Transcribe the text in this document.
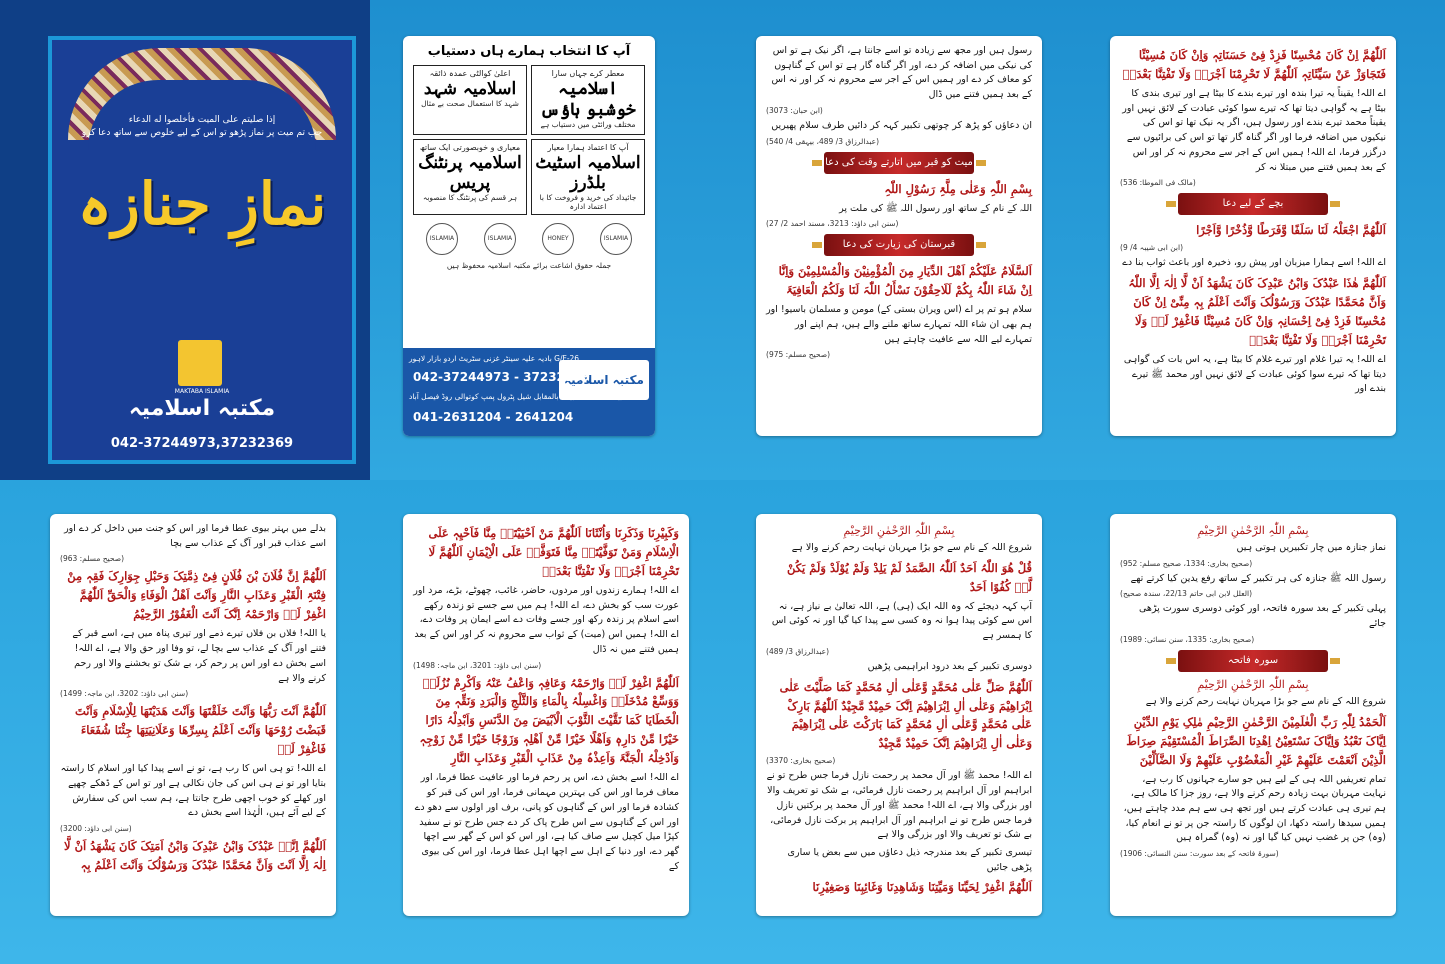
إذا صليتم على الميت فأخلصوا له الدعاء
جب تم میت پر نماز پڑھو تو اس کے لیے خلوص سے ساتھ دعا کرو
نمازِ جنازہ
MAKTABA ISLAMIA
مکتبہ اسلامیہ
042-37244973,37232369
آپ کا انتخاب ہمارے ہاں دستیاب
معطر کرے جہاں سارا
اسلامیہ خوشبو ہاؤس
مختلف ورائٹی میں دستیاب ہے
اعلیٰ کوالٹی عمدہ ذائقہ
اسلامیہ شہد
شہد کا استعمال صحت بے مثال
آپ کا اعتماد ہمارا معیار
اسلامیہ اسٹیٹ بلڈرز
جائیداد کی خرید و فروخت کا با اعتماد ادارہ
معیاری و خوبصورتی ایک ساتھ
اسلامیہ پرنٹنگ پریس
ہر قسم کی پرنٹنگ کا منصوبہ
ISLAMIA
HONEY
ISLAMIA
ISLAMIA
جملہ حقوق اشاعت برائے مکتبہ اسلامیہ محفوظ ہیں
مکتبہ اسلامیہ
G/F-26 بادیہ علیہ سینٹر غزنی سٹریٹ اردو بازار لاہور
042-37244973 - 37232369
بیسمنٹ سمٹ بینک بالمقابل شیل پٹرول پمپ کوتوالی روڈ فیصل آباد
041-2631204 - 2641204

رسول ہیں اور مجھ سے زیادہ تو اسے جانتا ہے، اگر نیک ہے تو اس کی نیکی میں اضافہ کر دے، اور اگر گناہ گار ہے تو اس کے گناہوں کو معاف کر دے اور ہمیں اس کے اجر سے محروم نہ کر اور نہ اس کے بعد ہمیں فتنے میں ڈال

(ابن حبان: 3073)

ان دعاؤں کو پڑھ کر چوتھی تکبیر کہہ کر دائیں طرف سلام پھیریں

(عبدالرزاق 3/ 489، بیہقی 4/ 540)

میت کو قبر میں اتارتے وقت کی دعا

بِسْمِ اللّٰہِ وَعَلٰی مِلَّۃِ رَسُوْلِ اللّٰہِ

اللہ کے نام کے ساتھ اور رسول اللہ ﷺ کی ملت پر

(سنن ابی داؤد: 3213، مسند احمد 2/ 27)

قبرستان کی زیارت کی دعا

اَلسَّلَامُ عَلَیْکُمْ اَھْلَ الدِّیَارِ مِنَ الْمُؤْمِنِیْنَ وَالْمُسْلِمِیْنَ وَاِنَّا اِنْ شَاءَ اللّٰہُ بِکُمْ لَلَاحِقُوْنَ نَسْأَلُ اللّٰہَ لَنَا وَلَکُمُ الْعَافِیَۃَ

سلام ہو تم پر اے (اس ویران بستی کے) مومن و مسلمان باسیو! اور ہم بھی ان شاء اللہ تمہارے ساتھ ملنے والے ہیں، ہم اپنے اور تمہارے لیے اللہ سے عافیت چاہتے ہیں

(صحیح مسلم: 975)

اَللّٰھُمَّ اِنْ کَانَ مُحْسِنًا فَزِدْ فِیْ حَسَنَاتِہٖ وَاِنْ کَانَ مُسِیْئًا فَتَجَاوَزْ عَنْ سَیِّئَاتِہٖ اَللّٰھُمَّ لَا تَحْرِمْنَا اَجْرَہٗ وَلَا تَفْتِنَّا بَعْدَہٗ

اے اللہ! یقیناً یہ تیرا بندہ اور تیرے بندے کا بیٹا ہے اور تیری بندی کا بیٹا ہے یہ گواہی دیتا تھا کہ تیرے سوا کوئی عبادت کے لائق نہیں اور یقیناً محمد تیرے بندے اور رسول ہیں، اگر یہ نیک تھا تو اس کی نیکیوں میں اضافہ فرما اور اگر گناہ گار تھا تو اس کی برائیوں سے درگزر فرما، اے اللہ! ہمیں اس کے اجر سے محروم نہ کر اور اس کے بعد ہمیں فتنے میں مبتلا نہ کر

(مالک فی الموطا: 536)

بچے کے لیے دعا

اَللّٰھُمَّ اجْعَلْہُ لَنَا سَلَفًا وَّفَرَطًا وَّذُخْرًا وَّاَجْرًا

(ابن ابی شیبہ 4/ 9)

اے اللہ! اسے ہمارا میزبان اور پیش رو، ذخیرہ اور باعث ثواب بنا دے

اَللّٰھُمَّ ھٰذَا عَبْدُکَ وَابْنُ عَبْدِکَ کَانَ یَشْھَدُ اَنْ لَّا اِلٰہَ اِلَّا اللّٰہُ وَاَنَّ مُحَمَّدًا عَبْدُکَ وَرَسُوْلُکَ وَاَنْتَ اَعْلَمُ بِہٖ مِنِّیْ اِنْ کَانَ مُحْسِنًا فَزِدْ فِیْ اِحْسَانِہٖ وَاِنْ کَانَ مُسِیْئًا فَاغْفِرْ لَہٗ وَلَا تَحْرِمْنَا اَجْرَہٗ وَلَا تَفْتِنَّا بَعْدَہٗ

اے اللہ! یہ تیرا غلام اور تیرے غلام کا بیٹا ہے، یہ اس بات کی گواہی دیتا تھا کہ تیرے سوا کوئی عبادت کے لائق نہیں اور محمد ﷺ تیرے بندے اور

بدلے میں بہتر بیوی عطا فرما اور اس کو جنت میں داخل کر دے اور اسے عذاب قبر اور آگ کے عذاب سے بچا

(صحیح مسلم: 963)

اَللّٰھُمَّ اِنَّ فُلَانَ بْنَ فُلَانٍ فِیْ ذِمَّتِکَ وَحَبْلِ جِوَارِکَ فَقِہٖ مِنْ فِتْنَۃِ الْقَبْرِ وَعَذَابِ النَّارِ وَاَنْتَ اَھْلُ الْوَفَاءِ وَالْحَقِّ اَللّٰھُمَّ اغْفِرْ لَہٗ وَارْحَمْہُ اِنَّکَ اَنْتَ الْغَفُوْرُ الرَّحِیْمُ

یا اللہ! فلاں بن فلاں تیرے ذمے اور تیری پناہ میں ہے، اسے قبر کے فتنے اور آگ کے عذاب سے بچا لے، تو وفا اور حق والا ہے، اے اللہ! اسے بخش دے اور اس پر رحم کر، بے شک تو بخشنے والا اور رحم کرنے والا ہے

(سنن ابی داؤد: 3202، ابن ماجہ: 1499)

اَللّٰھُمَّ اَنْتَ رَبُّھَا وَاَنْتَ خَلَقْتَھَا وَاَنْتَ ھَدَیْتَھَا لِلْاِسْلَامِ وَاَنْتَ قَبَضْتَ رُوْحَھَا وَاَنْتَ اَعْلَمُ بِسِرِّھَا وَعَلَانِیَتِھَا جِئْنَا شُفَعَاءَ فَاغْفِرْ لَہٗ

اے اللہ! تو ہی اس کا رب ہے، تو نے اسے پیدا کیا اور اسلام کا راستہ بتایا اور تو نے ہی اس کی جان نکالی ہے اور تو اس کے ڈھکے چھپے اور کھلے کو خوب اچھی طرح جانتا ہے، ہم سب اس کی سفارش کے لیے آئے ہیں، الٰہٰذا اسے بخش دے

(سنن ابی داؤد: 3200)

اَللّٰھُمَّ اِنَّہٗ عَبْدُکَ وَابْنُ عَبْدِکَ وَابْنُ اَمَتِکَ کَانَ یَشْھَدُ اَنْ لَّا اِلٰہَ اِلَّا اَنْتَ وَاَنَّ مُحَمَّدًا عَبْدُکَ وَرَسُوْلُکَ وَاَنْتَ اَعْلَمُ بِہٖ

وَکَبِیْرِنَا وَذَکَرِنَا وَاُنْثَانَا اَللّٰھُمَّ مَنْ اَحْیَیْتَہٗ مِنَّا فَاَحْیِہٖ عَلَی الْاِسْلَامِ وَمَنْ تَوَفَّیْتَہٗ مِنَّا فَتَوَفَّہٗ عَلَی الْاِیْمَانِ اَللّٰھُمَّ لَا تَحْرِمْنَا اَجْرَہٗ وَلَا تَفْتِنَّا بَعْدَہٗ

اے اللہ! ہمارے زندوں اور مردوں، حاضر، غائب، چھوٹے، بڑے، مرد اور عورت سب کو بخش دے، اے اللہ! ہم میں سے جسے تو زندہ رکھے اسے اسلام پر زندہ رکھ اور جسے وفات دے اسے ایمان پر وفات دے، اے اللہ! ہمیں اس (میت) کے ثواب سے محروم نہ کر اور اس کے بعد ہمیں فتنے میں نہ ڈال

(سنن ابی داؤد: 3201، ابن ماجہ: 1498)

اَللّٰھُمَّ اغْفِرْ لَہٗ وَارْحَمْہُ وَعَافِہٖ وَاعْفُ عَنْہُ وَاَکْرِمْ نُزُلَہٗ وَوَسِّعْ مُدْخَلَہٗ وَاغْسِلْہُ بِالْمَاءِ وَالثَّلْجِ وَالْبَرَدِ وَنَقِّہٖ مِنَ الْخَطَایَا کَمَا نَقَّیْتَ الثَّوْبَ الْاَبْیَضَ مِنَ الدَّنَسِ وَاَبْدِلْہُ دَارًا خَیْرًا مِّنْ دَارِہٖ وَاَھْلًا خَیْرًا مِّنْ اَھْلِہٖ وَزَوْجًا خَیْرًا مِّنْ زَوْجِہٖ وَاَدْخِلْہُ الْجَنَّۃَ وَاَعِذْہُ مِنْ عَذَابِ الْقَبْرِ وَعَذَابِ النَّارِ

اے اللہ! اسے بخش دے، اس پر رحم فرما اور عافیت عطا فرما، اور معاف فرما اور اس کی بہترین مہمانی فرما، اور اس کی قبر کو کشادہ فرما اور اس کے گناہوں کو پانی، برف اور اولوں سے دھو دے اور اس کے گناہوں سے اس طرح پاک کر دے جس طرح تو نے سفید کپڑا میل کچیل سے صاف کیا ہے، اور اس کو اس کے گھر سے اچھا گھر دے، اور دنیا کے اہل سے اچھا اہل عطا فرما، اور اس کی بیوی کے

بِسْمِ اللّٰہِ الرَّحْمٰنِ الرَّحِیْمِ

شروع اللہ کے نام سے جو بڑا مہربان نہایت رحم کرنے والا ہے

قُلْ ھُوَ اللّٰہُ اَحَدٌ اَللّٰہُ الصَّمَدُ لَمْ یَلِدْ وَلَمْ یُوْلَدْ وَلَمْ یَکُنْ لَّہٗ کُفُوًا اَحَدٌ

آپ کہہ دیجئے کہ وہ اللہ ایک (ہی) ہے، اللہ تعالیٰ بے نیاز ہے، نہ اس سے کوئی پیدا ہوا نہ وہ کسی سے پیدا کیا گیا اور نہ کوئی اس کا ہمسر ہے

(عبدالرزاق 3/ 489)

دوسری تکبیر کے بعد درود ابراہیمی پڑھیں

اَللّٰھُمَّ صَلِّ عَلٰی مُحَمَّدٍ وَّعَلٰی اٰلِ مُحَمَّدٍ کَمَا صَلَّیْتَ عَلٰی اِبْرَاھِیْمَ وَعَلٰی اٰلِ اِبْرَاھِیْمَ اِنَّکَ حَمِیْدٌ مَّجِیْدٌ اَللّٰھُمَّ بَارِکْ عَلٰی مُحَمَّدٍ وَّعَلٰی اٰلِ مُحَمَّدٍ کَمَا بَارَکْتَ عَلٰی اِبْرَاھِیْمَ وَعَلٰی اٰلِ اِبْرَاھِیْمَ اِنَّکَ حَمِیْدٌ مَّجِیْدٌ

(صحیح بخاری: 3370)

اے اللہ! محمد ﷺ اور آل محمد پر رحمت نازل فرما جس طرح تو نے ابراہیم اور آل ابراہیم پر رحمت نازل فرمائی، بے شک تو تعریف والا اور بزرگی والا ہے، اے اللہ! محمد ﷺ اور آل محمد پر برکتیں نازل فرما جس طرح تو نے ابراہیم اور آل ابراہیم پر برکت نازل فرمائی، بے شک تو تعریف والا اور بزرگی والا ہے

تیسری تکبیر کے بعد مندرجہ ذیل دعاؤں میں سے بعض یا ساری پڑھی جائیں

اَللّٰھُمَّ اغْفِرْ لِحَیِّنَا وَمَیِّتِنَا وَشَاھِدِنَا وَغَائِبِنَا وَصَغِیْرِنَا

بِسْمِ اللّٰہِ الرَّحْمٰنِ الرَّحِیْمِ

نماز جنازہ میں چار تکبیریں ہوتی ہیں

(صحیح بخاری: 1334، صحیح مسلم: 952)

رسول اللہ ﷺ جنازہ کی ہر تکبیر کے ساتھ رفع یدین کیا کرتے تھے

(العلل لابن ابی حاتم 22/13، سندہ صحیح)

پہلی تکبیر کے بعد سورہ فاتحہ، اور کوئی دوسری سورت پڑھی جائے

(صحیح بخاری: 1335، سنن نسائی: 1989)

سورہ فاتحہ
بِسْمِ اللّٰہِ الرَّحْمٰنِ الرَّحِیْمِ

شروع اللہ کے نام سے جو بڑا مہربان نہایت رحم کرنے والا ہے

اَلْحَمْدُ لِلّٰہِ رَبِّ الْعٰلَمِیْنَ الرَّحْمٰنِ الرَّحِیْمِ مٰلِکِ یَوْمِ الدِّیْنِ اِیَّاکَ نَعْبُدُ وَاِیَّاکَ نَسْتَعِیْنُ اِھْدِنَا الصِّرَاطَ الْمُسْتَقِیْمَ صِرَاطَ الَّذِیْنَ اَنْعَمْتَ عَلَیْھِمْ غَیْرِ الْمَغْضُوْبِ عَلَیْھِمْ وَلَا الضَّآلِّیْنَ

تمام تعریفیں اللہ ہی کے لیے ہیں جو سارے جہانوں کا رب ہے، نہایت مہربان بہت زیادہ رحم کرنے والا ہے، روز جزا کا مالک ہے، ہم تیری ہی عبادت کرتے ہیں اور تجھ ہی سے ہم مدد چاہتے ہیں، ہمیں سیدھا راستہ دکھا، ان لوگوں کا راستہ جن پر تو نے انعام کیا، (وہ) جن پر غضب نہیں کیا گیا اور نہ (وہ) گمراہ ہیں

(سورۃ فاتحہ کے بعد سورت: سنن النسائی: 1906)
